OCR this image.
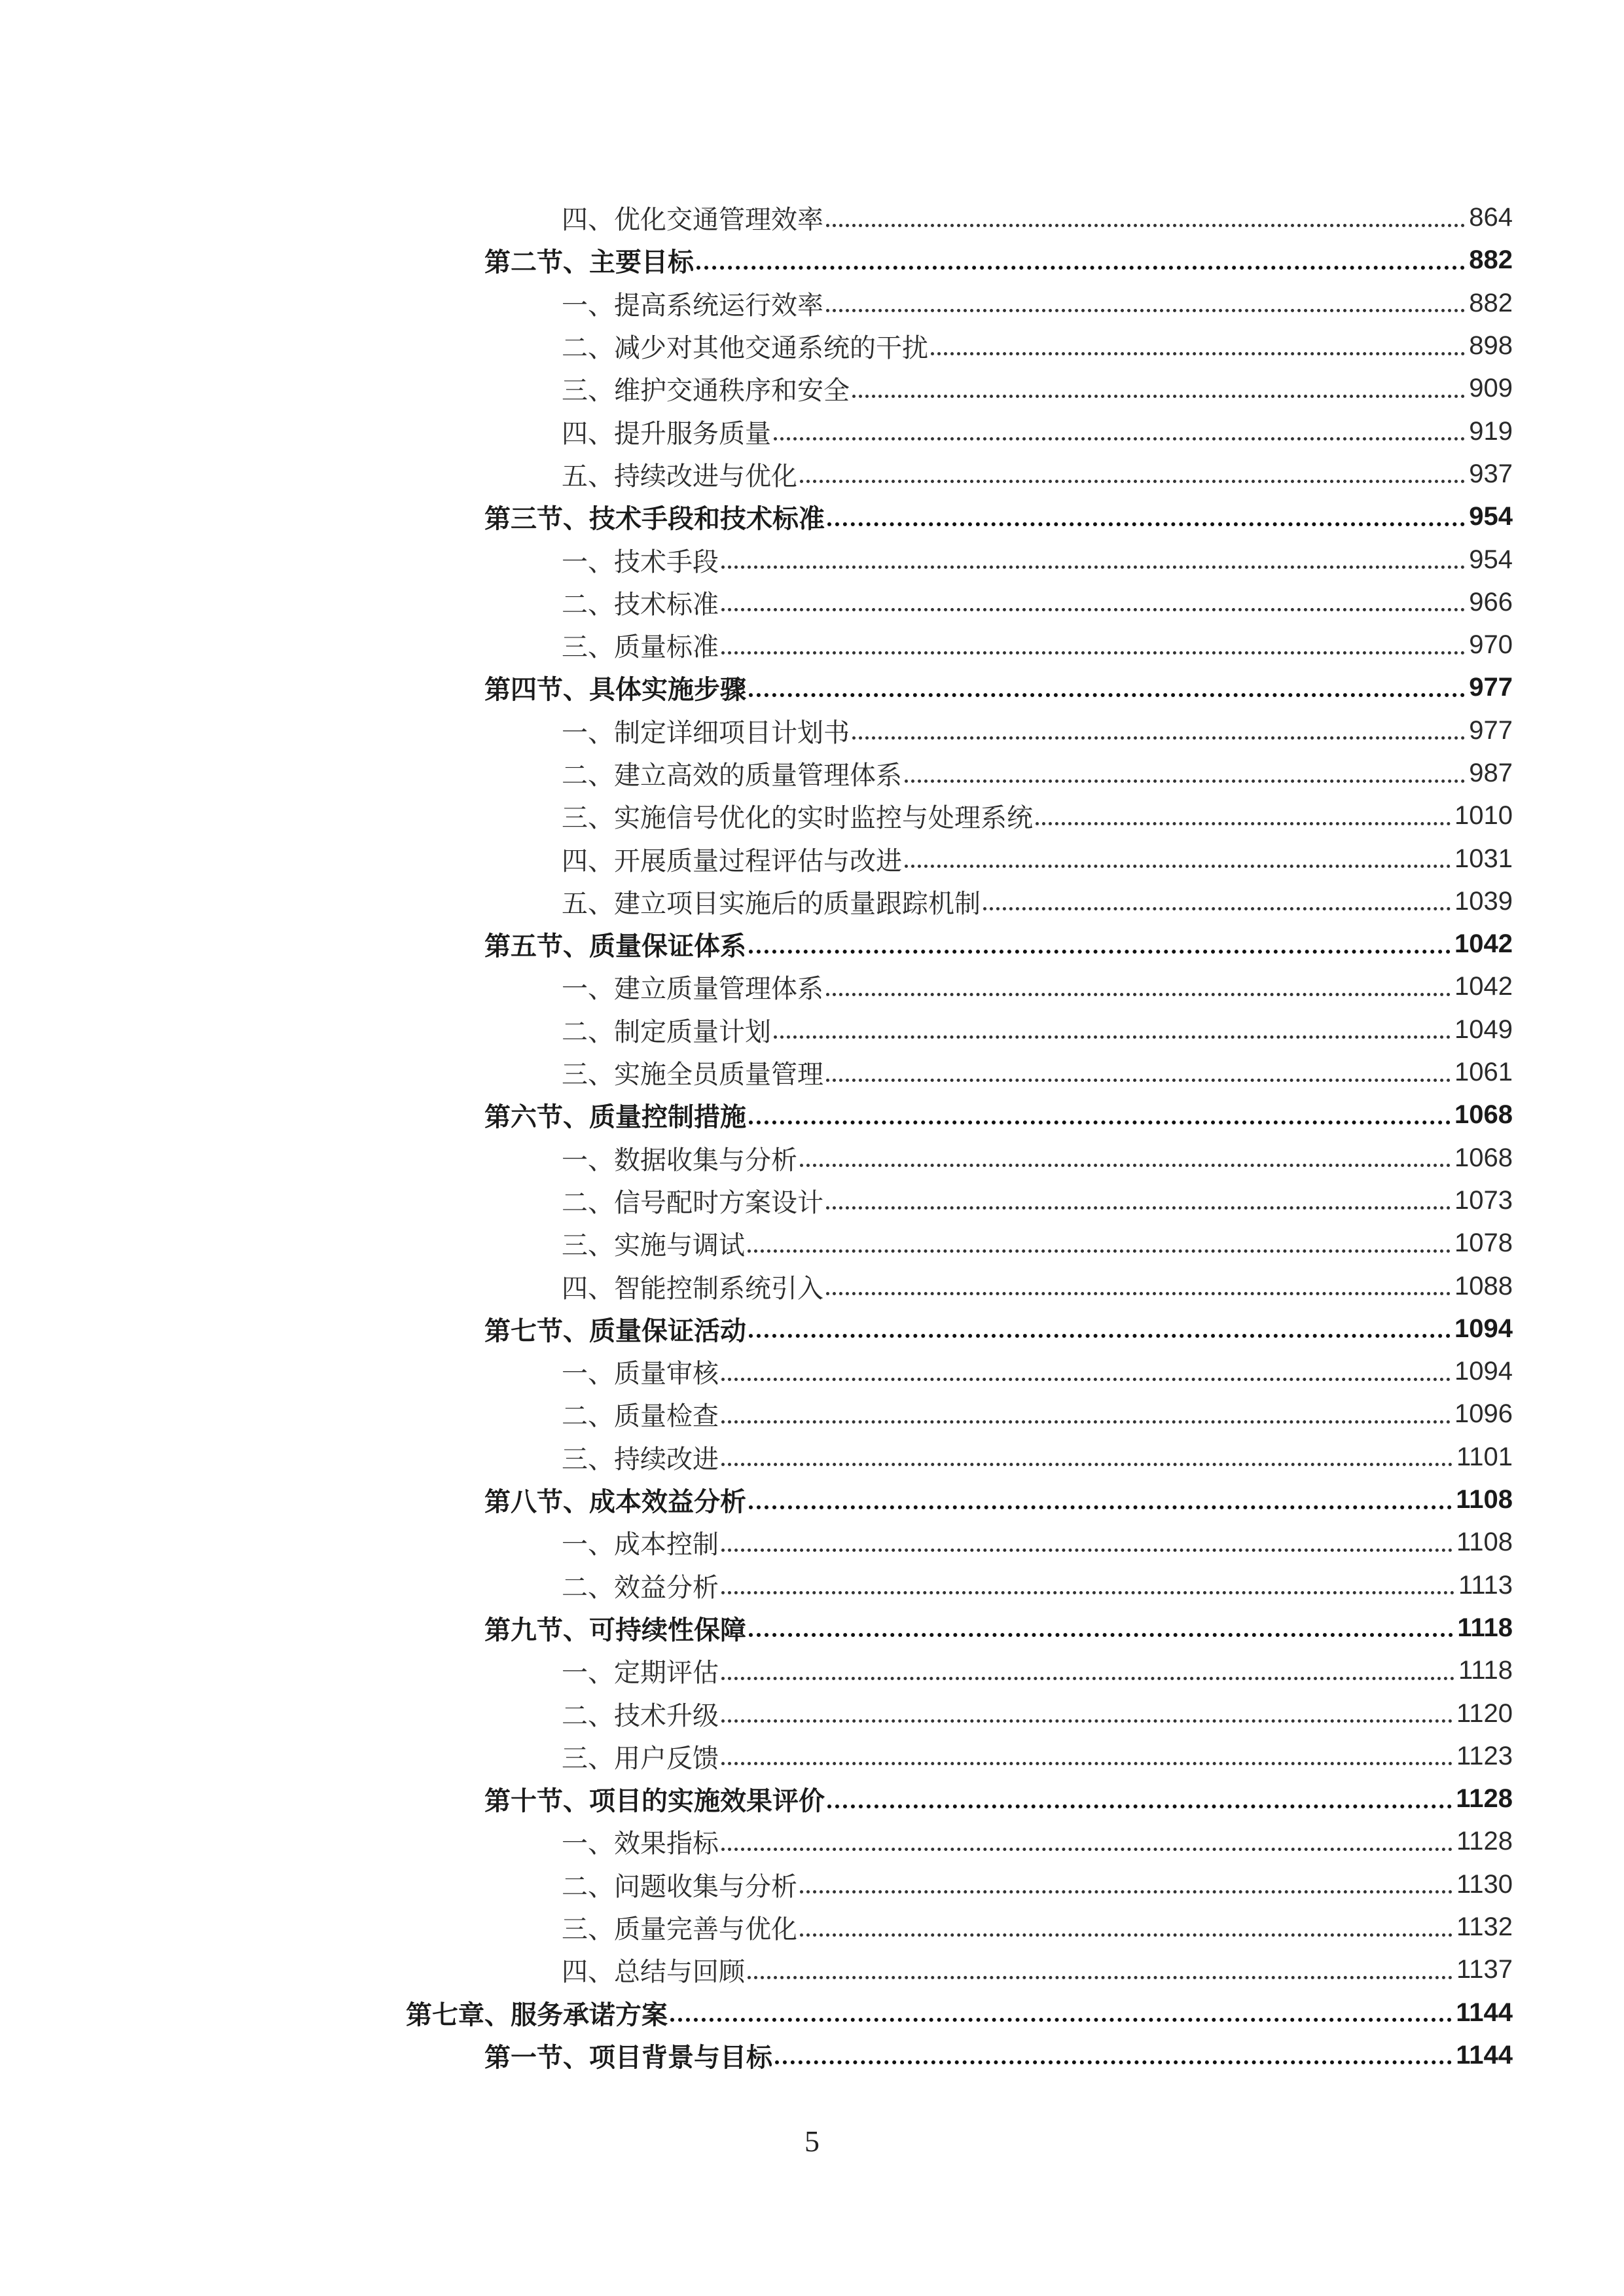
四、优化交通管理效率	864
第二节、主要目标	882
一、提高系统运行效率	882
二、减少对其他交通系统的干扰	898
三、维护交通秩序和安全	909
四、提升服务质量	919
五、持续改进与优化	937
第三节、技术手段和技术标准	954
一、技术手段	954
二、技术标准	966
三、质量标准	970
第四节、具体实施步骤	977
一、制定详细项目计划书	977
二、建立高效的质量管理体系	987
三、实施信号优化的实时监控与处理系统	1010
四、开展质量过程评估与改进	1031
五、建立项目实施后的质量跟踪机制	1039
第五节、质量保证体系	1042
一、建立质量管理体系	1042
二、制定质量计划	1049
三、实施全员质量管理	1061
第六节、质量控制措施	1068
一、数据收集与分析	1068
二、信号配时方案设计	1073
三、实施与调试	1078
四、智能控制系统引入	1088
第七节、质量保证活动	1094
一、质量审核	1094
二、质量检查	1096
三、持续改进	1101
第八节、成本效益分析	1108
一、成本控制	1108
二、效益分析	1113
第九节、可持续性保障	1118
一、定期评估	1118
二、技术升级	1120
三、用户反馈	1123
第十节、项目的实施效果评价	1128
一、效果指标	1128
二、问题收集与分析	1130
三、质量完善与优化	1132
四、总结与回顾	1137
第七章、服务承诺方案	1144
第一节、项目背景与目标	1144
5
